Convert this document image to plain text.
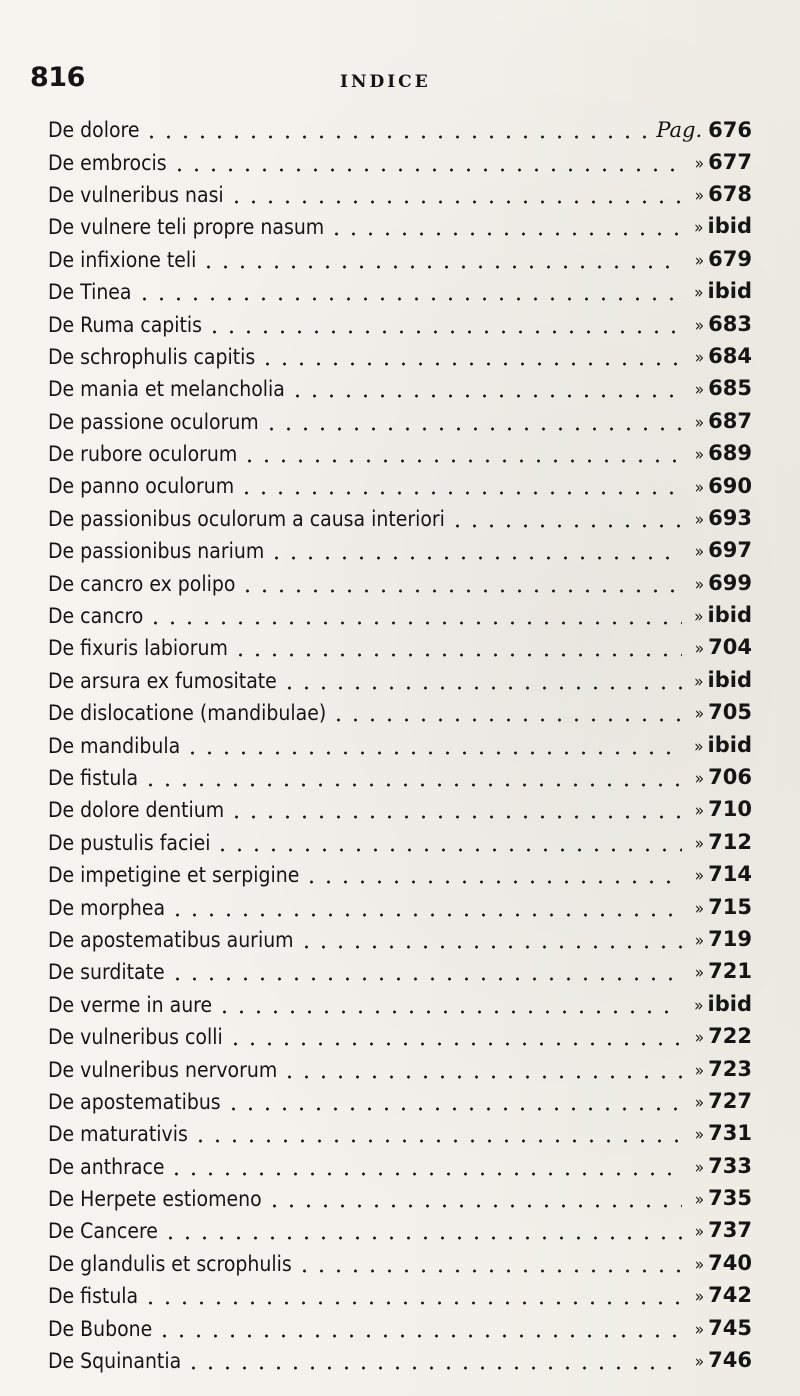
816	INDICE
De dolore	Pag. 676
De embrocis	» 677
De vulneribus nasi	» 678
De vulnere teli propre nasum	» ibid
De infixione teli	» 679
De Tinea	» ibid
De Ruma capitis	» 683
De schrophulis capitis	» 684
De mania et melancholia	» 685
De passione oculorum	» 687
De rubore oculorum	» 689
De panno oculorum	» 690
De passionibus oculorum a causa interiori	» 693
De passionibus narium	» 697
De cancro ex polipo	» 699
De cancro	» ibid
De fixuris labiorum	» 704
De arsura ex fumositate	» ibid
De dislocatione (mandibulae)	» 705
De mandibula	» ibid
De fistula	» 706
De dolore dentium	» 710
De pustulis faciei	» 712
De impetigine et serpigine	» 714
De morphea	» 715
De apostematibus aurium	» 719
De surditate	» 721
De verme in aure	» ibid
De vulneribus colli	» 722
De vulneribus nervorum	» 723
De apostematibus	» 727
De maturativis	» 731
De anthrace	» 733
De Herpete estiomeno	» 735
De Cancere	» 737
De glandulis et scrophulis	» 740
De fistula	» 742
De Bubone	» 745
De Squinantia	» 746
